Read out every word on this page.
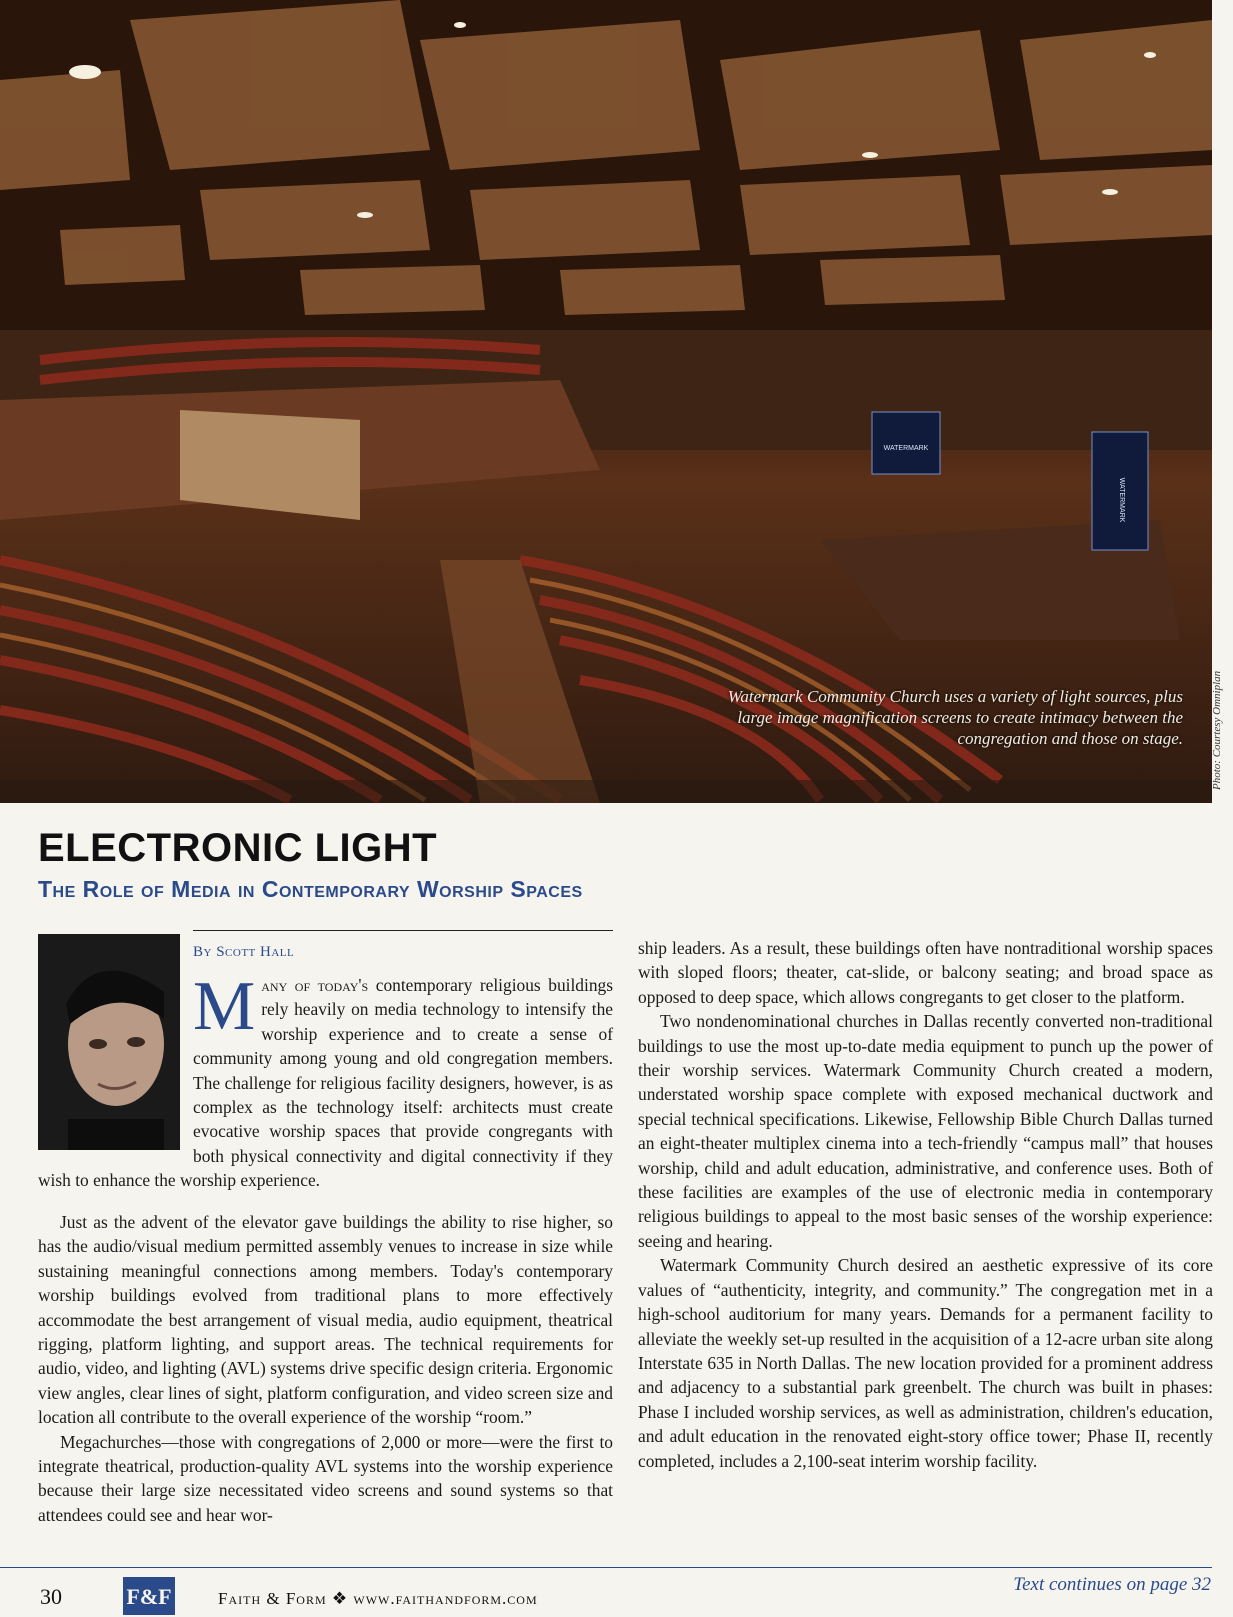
WATERMARK
WATERMARK
Watermark Community Church uses a variety of light sources, plus large image magnification screens to create intimacy between the congregation and those on stage.	Photo: Courtesy Omniplan
ELECTRONIC LIGHT
The Role of Media in Contemporary Worship Spaces
By Scott Hall

Many of today's contemporary religious buildings rely heavily on media technology to intensify the worship experience and to create a sense of community among young and old congregation members. The challenge for religious facility designers, however, is as complex as the technology itself: architects must create evocative worship spaces that provide congregants with both physical connectivity and digital connectivity if they wish to enhance the worship experience.

Just as the advent of the elevator gave buildings the ability to rise higher, so has the audio/visual medium permitted assembly venues to increase in size while sustaining meaningful connections among members. Today's contemporary worship buildings evolved from traditional plans to more effectively accommodate the best arrangement of visual media, audio equipment, theatrical rigging, platform lighting, and support areas. The technical requirements for audio, video, and lighting (AVL) systems drive specific design criteria. Ergonomic view angles, clear lines of sight, platform configuration, and video screen size and location all contribute to the overall experience of the worship “room.”

Megachurches—those with congregations of 2,000 or more—were the first to integrate theatrical, production-quality AVL systems into the worship experience because their large size necessitated video screens and sound systems so that attendees could see and hear wor-

ship leaders. As a result, these buildings often have nontraditional worship spaces with sloped floors; theater, cat-slide, or balcony seating; and broad space as opposed to deep space, which allows congregants to get closer to the platform.

Two nondenominational churches in Dallas recently converted non-traditional buildings to use the most up-to-date media equipment to punch up the power of their worship services. Watermark Community Church created a modern, understated worship space complete with exposed mechanical ductwork and special technical specifications. Likewise, Fellowship Bible Church Dallas turned an eight-theater multiplex cinema into a tech-friendly “campus mall” that houses worship, child and adult education, administrative, and conference uses. Both of these facilities are examples of the use of electronic media in contemporary religious buildings to appeal to the most basic senses of the worship experience: seeing and hearing.

Watermark Community Church desired an aesthetic expressive of its core values of “authenticity, integrity, and community.” The congregation met in a high-school auditorium for many years. Demands for a permanent facility to alleviate the weekly set-up resulted in the acquisition of a 12-acre urban site along Interstate 635 in North Dallas. The new location provided for a prominent address and adjacency to a substantial park greenbelt. The church was built in phases: Phase I included worship services, as well as administration, children's education, and adult education in the renovated eight-story office tower; Phase II, recently completed, includes a 2,100-seat interim worship facility.

30	F&F	Faith & Form ❖ www.faithandform.com
Text continues on page 32
